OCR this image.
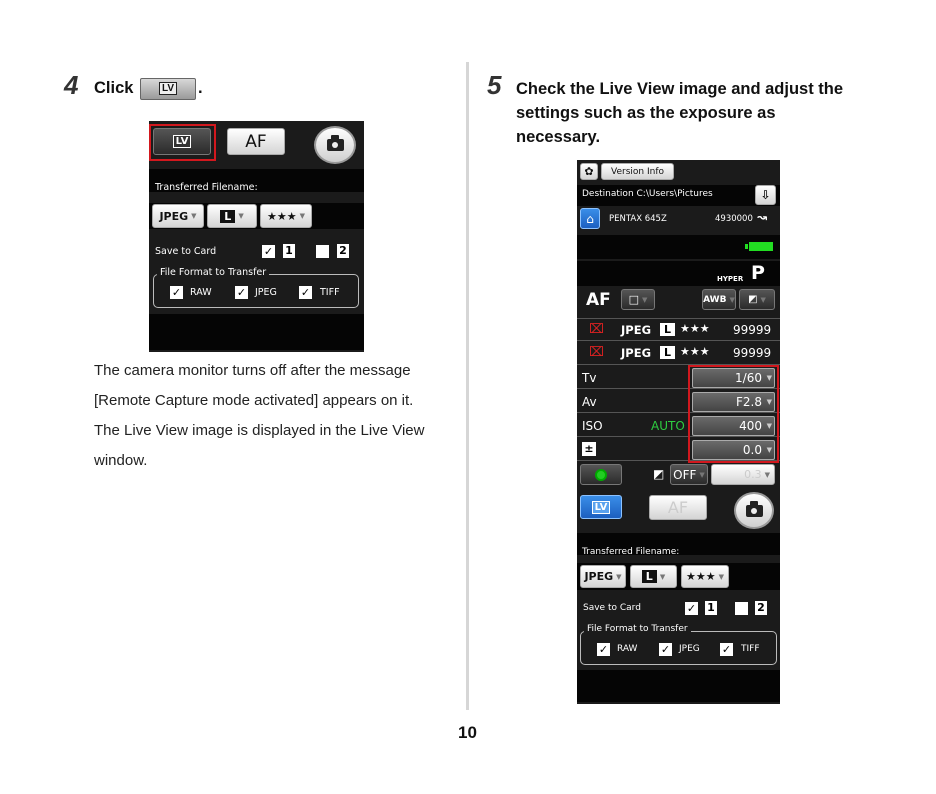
4 Click	LV .
LV	AF
Transferred Filename:
JPEG ▼	L	▼ ★★★ ▼
Save to Card	✓ 1	2
File Format to Transfer
✓ RAW ✓ JPEG ✓ TIFF
The camera monitor turns off after the message
[Remote Capture mode activated] appears on it.
The Live View image is displayed in the Live View
window.
5 Check the Live View image and adjust the
settings such as the exposure as
necessary.
✿	Version Info
Destination C:\Users\Pictures	⇩
⌂ PENTAX 645Z	4930000 ↝
HYPER P
AF □ ▼	AWB ▼ ◩ ▼
⌧ JPEG	L ★★★ 99999
⌧ JPEG	L ★★★ 99999
Tv	1/60 ▼
Av	F2.8 ▼
ISO	AUTO	400 ▼
±	0.0 ▼
◩ OFF ▼	0.3 ▼
LV	AF
Transferred Filename:
JPEG ▼	L	▼ ★★★ ▼
Save to Card	✓ 1	2
File Format to Transfer
✓ RAW ✓ JPEG ✓ TIFF
10
